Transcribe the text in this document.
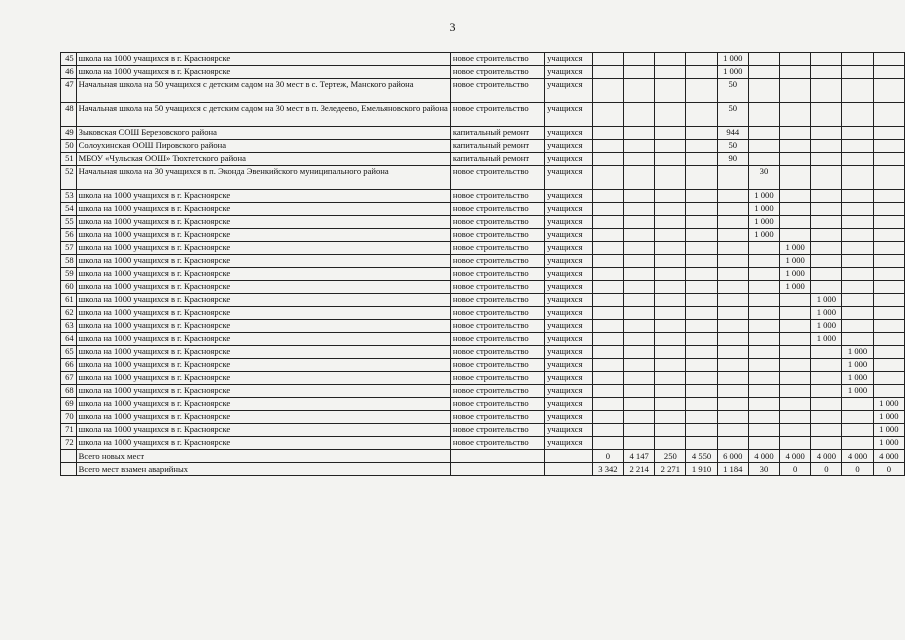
3
45	школа на 1000 учащихся в г. Красноярске	новое строительство	учащихся					1 000					
46	школа на 1000 учащихся в г. Красноярске	новое строительство	учащихся					1 000					
47	Начальная школа на 50 учащихся с детским садом на 30 мест в с. Тертеж, Манского района	новое строительство	учащихся					50					
48	Начальная школа на 50 учащихся с детским садом на 30 мест в п. Зеледеево, Емельяновского района	новое строительство	учащихся					50					
49	Зыковская СОШ Березовского района	капитальный ремонт	учащихся					944					
50	Солоухинская ООШ Пировского района	капитальный ремонт	учащихся					50					
51	МБОУ «Чульская ООШ» Тюхтетского района	капитальный ремонт	учащихся					90					
52	Начальная школа на 30 учащихся в п. Эконда Эвенкийского муниципального района	новое строительство	учащихся						30				
53	школа на 1000 учащихся в г. Красноярске	новое строительство	учащихся						1 000				
54	школа на 1000 учащихся в г. Красноярске	новое строительство	учащихся						1 000				
55	школа на 1000 учащихся в г. Красноярске	новое строительство	учащихся						1 000				
56	школа на 1000 учащихся в г. Красноярске	новое строительство	учащихся						1 000				
57	школа на 1000 учащихся в г. Красноярске	новое строительство	учащихся							1 000			
58	школа на 1000 учащихся в г. Красноярске	новое строительство	учащихся							1 000			
59	школа на 1000 учащихся в г. Красноярске	новое строительство	учащихся							1 000			
60	школа на 1000 учащихся в г. Красноярске	новое строительство	учащихся							1 000			
61	школа на 1000 учащихся в г. Красноярске	новое строительство	учащихся								1 000		
62	школа на 1000 учащихся в г. Красноярске	новое строительство	учащихся								1 000		
63	школа на 1000 учащихся в г. Красноярске	новое строительство	учащихся								1 000		
64	школа на 1000 учащихся в г. Красноярске	новое строительство	учащихся								1 000		
65	школа на 1000 учащихся в г. Красноярске	новое строительство	учащихся									1 000	
66	школа на 1000 учащихся в г. Красноярске	новое строительство	учащихся									1 000	
67	школа на 1000 учащихся в г. Красноярске	новое строительство	учащихся									1 000	
68	школа на 1000 учащихся в г. Красноярске	новое строительство	учащихся									1 000	
69	школа на 1000 учащихся в г. Красноярске	новое строительство	учащихся										1 000
70	школа на 1000 учащихся в г. Красноярске	новое строительство	учащихся										1 000
71	школа на 1000 учащихся в г. Красноярске	новое строительство	учащихся										1 000
72	школа на 1000 учащихся в г. Красноярске	новое строительство	учащихся										1 000
	Всего новых мест			0	4 147	250	4 550	6 000	4 000	4 000	4 000	4 000	4 000
	Всего мест взамен аварийных			3 342	2 214	2 271	1 910	1 184	30	0	0	0	0
